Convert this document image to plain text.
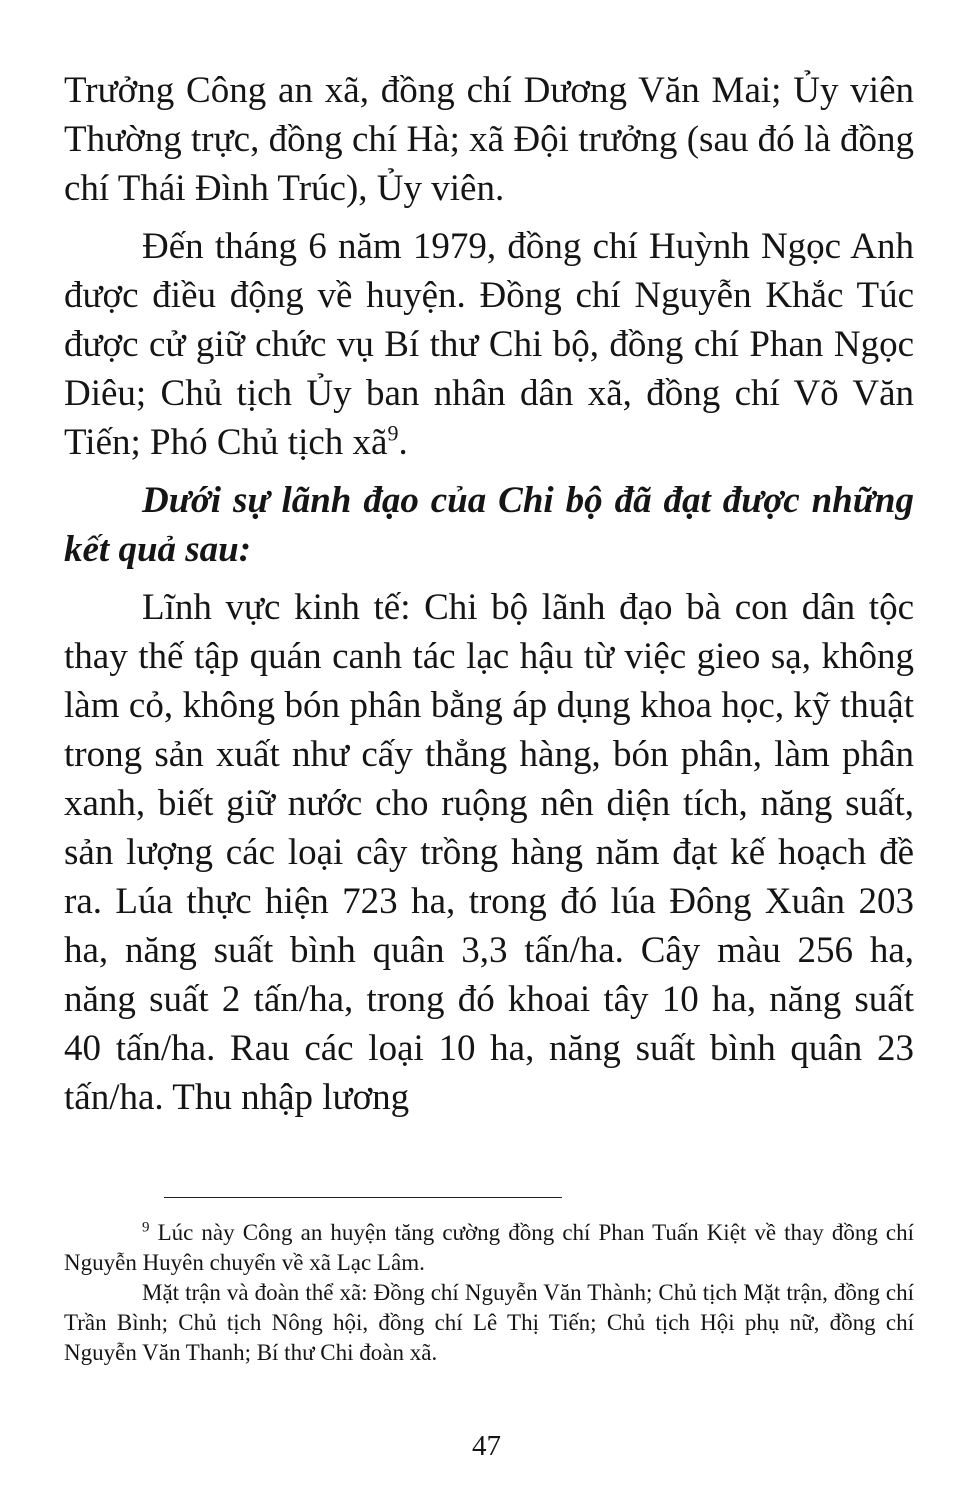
Trưởng Công an xã, đồng chí Dương Văn Mai; Ủy viên Thường trực, đồng chí Hà; xã Đội trưởng (sau đó là đồng chí Thái Đình Trúc), Ủy viên.

Đến tháng 6 năm 1979, đồng chí Huỳnh Ngọc Anh được điều động về huyện. Đồng chí Nguyễn Khắc Túc được cử giữ chức vụ Bí thư Chi bộ, đồng chí Phan Ngọc Diêu; Chủ tịch Ủy ban nhân dân xã, đồng chí Võ Văn Tiến; Phó Chủ tịch $xã^9$.

Dưới sự lãnh đạo của Chi bộ đã đạt được những kết quả sau:

Lĩnh vực kinh tế: Chi bộ lãnh đạo bà con dân tộc thay thế tập quán canh tác lạc hậu từ việc gieo sạ, không làm cỏ, không bón phân bằng áp dụng khoa học, kỹ thuật trong sản xuất như cấy thẳng hàng, bón phân, làm phân xanh, biết giữ nước cho ruộng nên diện tích, năng suất, sản lượng các loại cây trồng hàng năm đạt kế hoạch đề ra. Lúa thực hiện 723 ha, trong đó lúa Đông Xuân 203 ha, năng suất bình quân 3,3 tấn/ha. Cây màu 256 ha, năng suất 2 tấn/ha, trong đó khoai tây 10 ha, năng suất 40 tấn/ha. Rau các loại 10 ha, năng suất bình quân 23 tấn/ha. Thu nhập lương

$^9$ Lúc này Công an huyện tăng cường đồng chí Phan Tuấn Kiệt về thay đồng chí Nguyễn Huyên chuyển về xã Lạc Lâm.

Mặt trận và đoàn thể xã: Đồng chí Nguyễn Văn Thành; Chủ tịch Mặt trận, đồng chí Trần Bình; Chủ tịch Nông hội, đồng chí Lê Thị Tiến; Chủ tịch Hội phụ nữ, đồng chí Nguyễn Văn Thanh; Bí thư Chi đoàn xã.

47
